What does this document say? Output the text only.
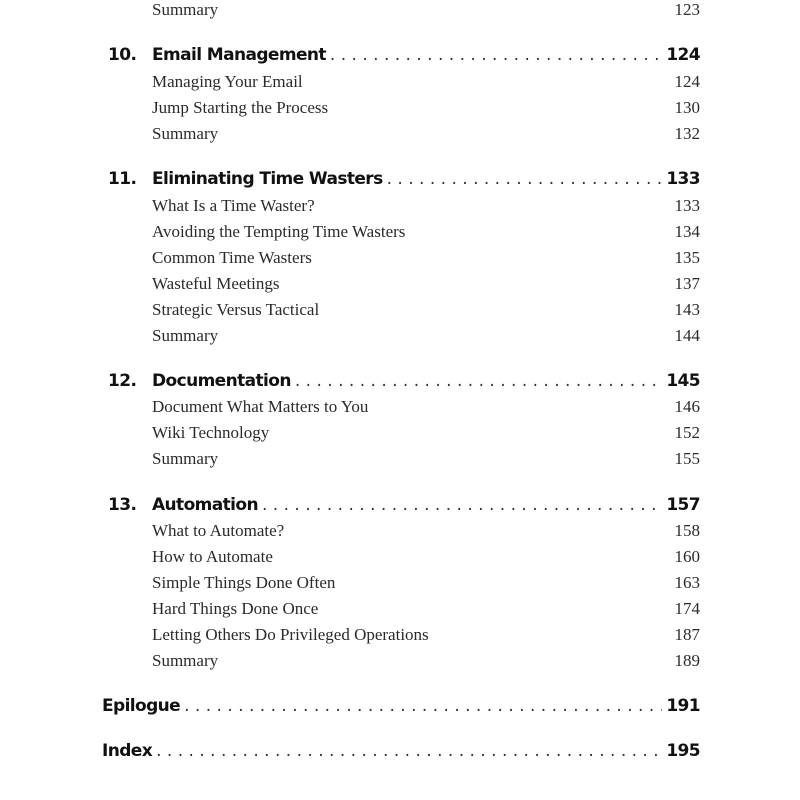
Summary	123
10. Email Management . . .	124
Managing Your Email	124
Jump Starting the Process	130
Summary	132
11. Eliminating Time Wasters . . .	133
What Is a Time Waster?	133
Avoiding the Tempting Time Wasters	134
Common Time Wasters	135
Wasteful Meetings	137
Strategic Versus Tactical	143
Summary	144
12. Documentation . . .	145
Document What Matters to You	146
Wiki Technology	152
Summary	155
13. Automation . . .	157
What to Automate?	158
How to Automate	160
Simple Things Done Often	163
Hard Things Done Once	174
Letting Others Do Privileged Operations	187
Summary	189
Epilogue . . .	191
Index . . .	195
